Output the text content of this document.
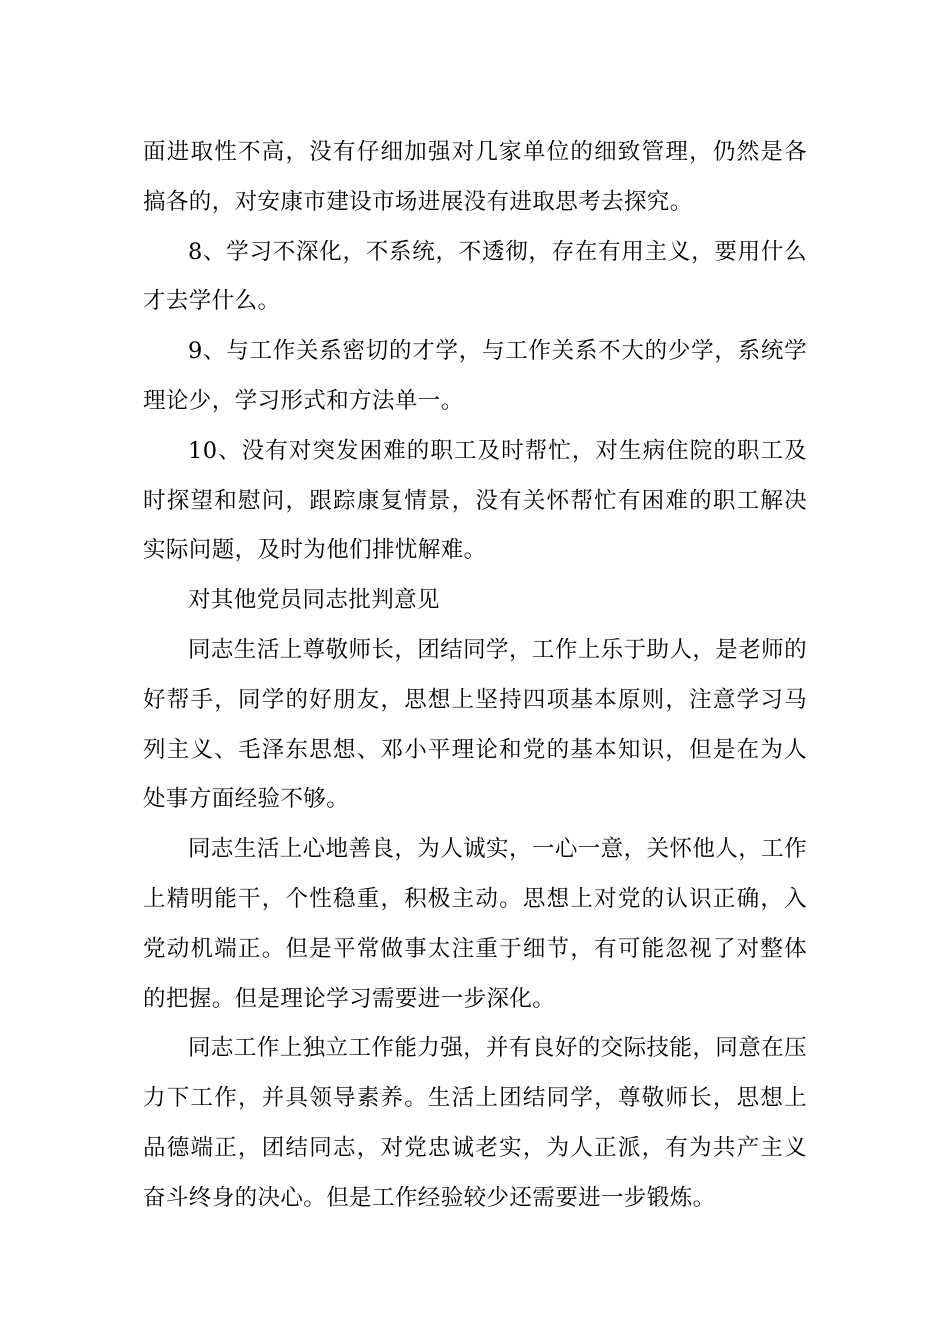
面进取性不高，没有仔细加强对几家单位的细致管理，仍然是各搞各的，对安康市建设市场进展没有进取思考去探究。

8、学习不深化，不系统，不透彻，存在有用主义，要用什么才去学什么。

9、与工作关系密切的才学，与工作关系不大的少学，系统学理论少，学习形式和方法单一。

10、没有对突发困难的职工及时帮忙，对生病住院的职工及时探望和慰问，跟踪康复情景，没有关怀帮忙有困难的职工解决实际问题，及时为他们排忧解难。

对其他党员同志批判意见

同志生活上尊敬师长，团结同学，工作上乐于助人，是老师的好帮手，同学的好朋友，思想上坚持四项基本原则，注意学习马列主义、毛泽东思想、邓小平理论和党的基本知识，但是在为人处事方面经验不够。

同志生活上心地善良，为人诚实，一心一意，关怀他人，工作上精明能干，个性稳重，积极主动。思想上对党的认识正确，入党动机端正。但是平常做事太注重于细节，有可能忽视了对整体的把握。但是理论学习需要进一步深化。

同志工作上独立工作能力强，并有良好的交际技能，同意在压力下工作，并具领导素养。生活上团结同学，尊敬师长，思想上品德端正，团结同志，对党忠诚老实，为人正派，有为共产主义奋斗终身的决心。但是工作经验较少还需要进一步锻炼。
